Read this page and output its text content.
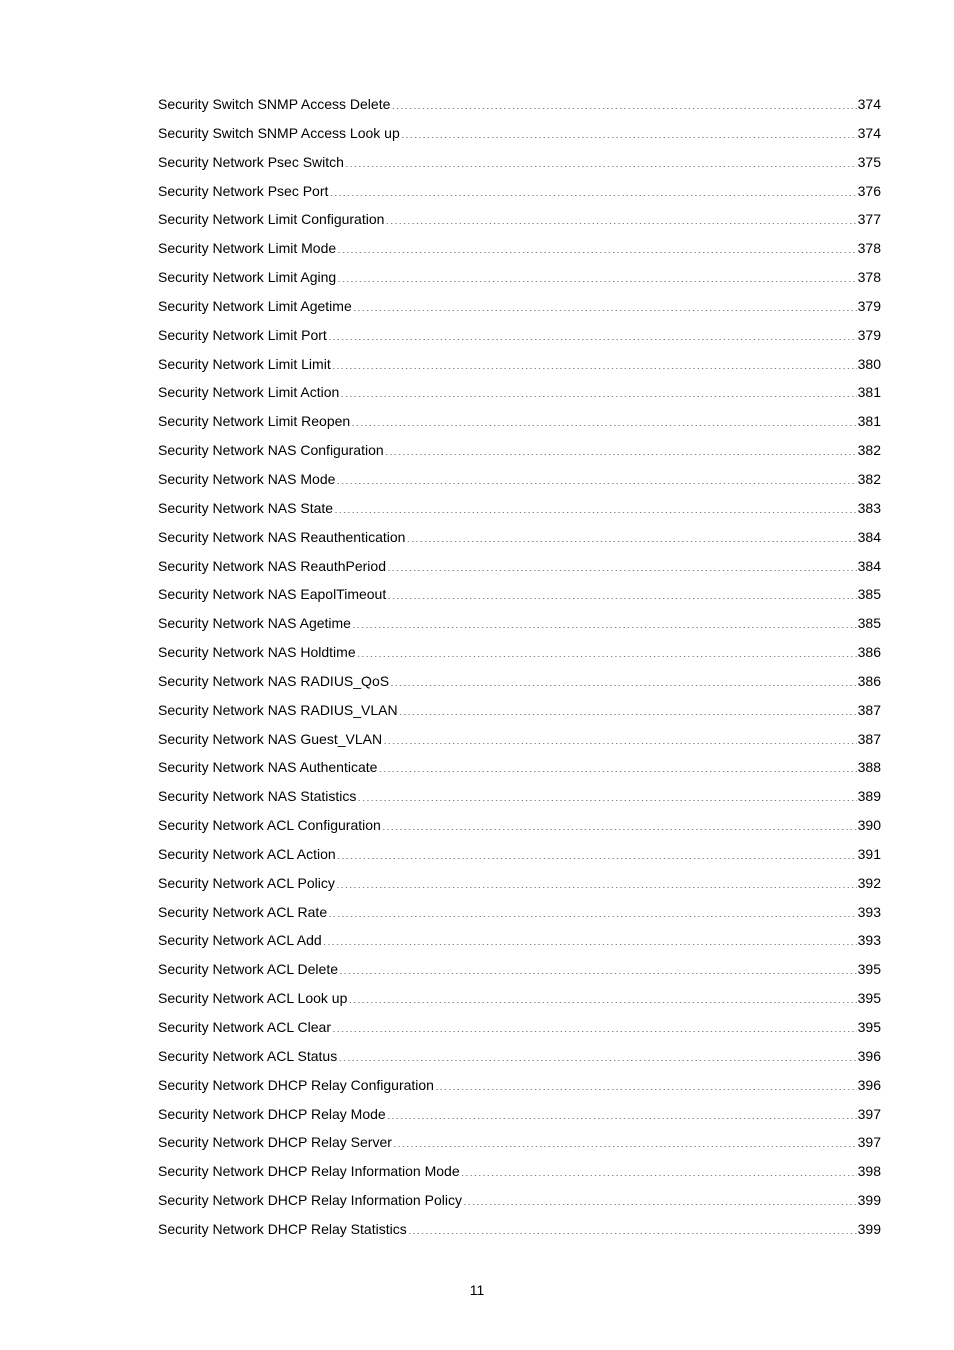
Security Switch SNMP Access Delete .....	374
Security Switch SNMP Access Look up .....	374
Security Network Psec Switch .....	375
Security Network Psec Port .....	376
Security Network Limit Configuration .....	377
Security Network Limit Mode .....	378
Security Network Limit Aging .....	378
Security Network Limit Agetime .....	379
Security Network Limit Port .....	379
Security Network Limit Limit .....	380
Security Network Limit Action .....	381
Security Network Limit Reopen .....	381
Security Network NAS Configuration .....	382
Security Network NAS Mode .....	382
Security Network NAS State .....	383
Security Network NAS Reauthentication .....	384
Security Network NAS ReauthPeriod .....	384
Security Network NAS EapolTimeout .....	385
Security Network NAS Agetime .....	385
Security Network NAS Holdtime .....	386
Security Network NAS RADIUS_QoS .....	386
Security Network NAS RADIUS_VLAN .....	387
Security Network NAS Guest_VLAN .....	387
Security Network NAS Authenticate .....	388
Security Network NAS Statistics .....	389
Security Network ACL Configuration .....	390
Security Network ACL Action .....	391
Security Network ACL Policy .....	392
Security Network ACL Rate .....	393
Security Network ACL Add .....	393
Security Network ACL Delete .....	395
Security Network ACL Look up .....	395
Security Network ACL Clear .....	395
Security Network ACL Status .....	396
Security Network DHCP Relay Configuration .....	396
Security Network DHCP Relay Mode .....	397
Security Network DHCP Relay Server .....	397
Security Network DHCP Relay Information Mode .....	398
Security Network DHCP Relay Information Policy .....	399
Security Network DHCP Relay Statistics .....	399
11
